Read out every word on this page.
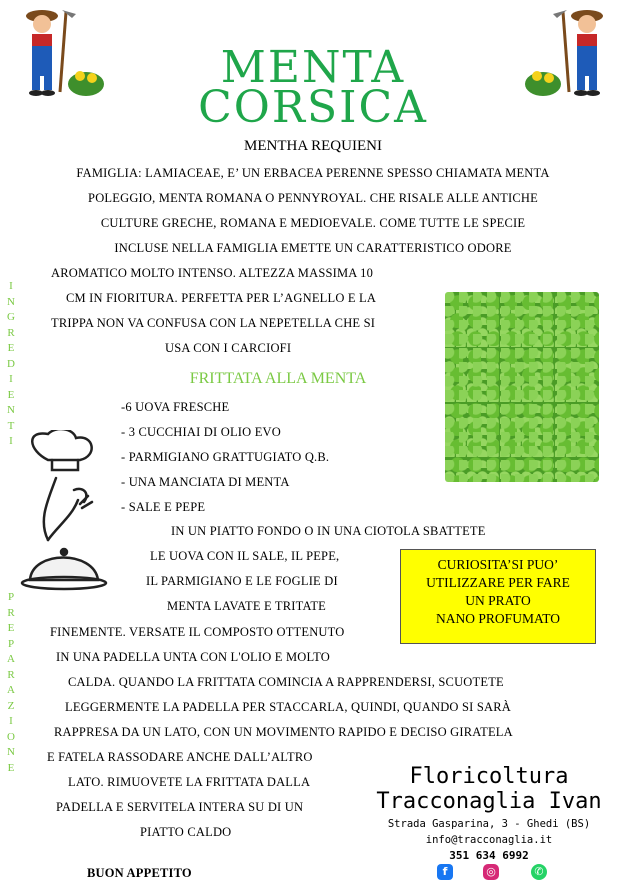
MENTA
CORSICA
MENTHA REQUIENI
FAMIGLIA: LAMIACEAE, E’ UN ERBACEA PERENNE SPESSO CHIAMATA MENTA
POLEGGIO, MENTA ROMANA O PENNYROYAL. CHE RISALE ALLE ANTICHE
CULTURE GRECHE, ROMANA E MEDIOEVALE. COME TUTTE LE SPECIE
INCLUSE NELLA FAMIGLIA EMETTE UN CARATTERISTICO ODORE
AROMATICO MOLTO INTENSO. ALTEZZA MASSIMA 10
CM IN FIORITURA. PERFETTA PER L’AGNELLO E LA
TRIPPA NON VA CONFUSA CON LA NEPETELLA CHE SI
USA CON I CARCIOFI
FRITTATA ALLA MENTA
I
N
G
R
E
D
I
E
N
T
I
P
R
E
P
A
R
A
Z
I
O
N
E
-6 UOVA FRESCHE
- 3 CUCCHIAI DI OLIO EVO
- PARMIGIANO GRATTUGIATO Q.B.
- UNA MANCIATA DI MENTA
- SALE E PEPE
IN UN PIATTO FONDO O IN UNA CIOTOLA SBATTETE
LE UOVA CON IL SALE, IL PEPE,
IL PARMIGIANO E LE FOGLIE DI
MENTA LAVATE E TRITATE
FINEMENTE. VERSATE IL COMPOSTO OTTENUTO
IN UNA PADELLA UNTA CON L'OLIO E MOLTO
CALDA. QUANDO LA FRITTATA COMINCIA A RAPPRENDERSI, SCUOTETE
LEGGERMENTE LA PADELLA PER STACCARLA, QUINDI, QUANDO SI SARÀ
RAPPRESA DA UN LATO, CON UN MOVIMENTO RAPIDO E DECISO GIRATELA
E FATELA RASSODARE ANCHE DALL’ALTRO
LATO. RIMUOVETE LA FRITTATA DALLA
PADELLA E SERVITELA INTERA SU DI UN
PIATTO CALDO
BUON APPETITO
CURIOSITA’SI PUO’
UTILIZZARE PER FARE
UN PRATO
NANO PROFUMATO
Floricoltura
Tracconaglia Ivan
Strada Gasparina, 3 - Ghedi (BS)
info@tracconaglia.it
351 634 6992
f	◎	✆
